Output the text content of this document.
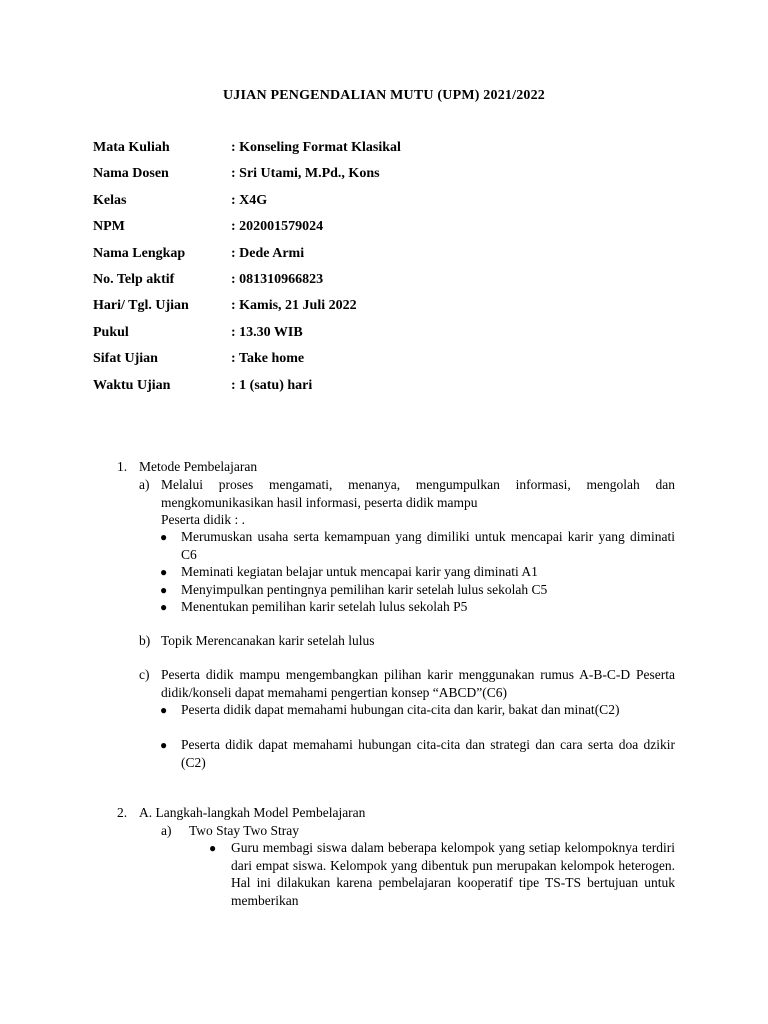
UJIAN PENGENDALIAN MUTU (UPM) 2021/2022
Mata Kuliah	: Konseling Format Klasikal
Nama Dosen	: Sri Utami, M.Pd., Kons
Kelas	: X4G
NPM	: 202001579024
Nama Lengkap	: Dede Armi
No. Telp aktif	: 081310966823
Hari/ Tgl. Ujian	: Kamis, 21 Juli 2022
Pukul	: 13.30 WIB
Sifat Ujian	: Take home
Waktu Ujian	: 1 (satu) hari
1. Metode Pembelajaran
a) Melalui proses mengamati, menanya, mengumpulkan informasi, mengolah dan mengkomunikasikan hasil informasi, peserta didik mampu
Peserta didik : .
● Merumuskan usaha serta kemampuan yang dimiliki untuk mencapai karir yang diminati C6
● Meminati kegiatan belajar untuk mencapai karir yang diminati A1
● Menyimpulkan pentingnya pemilihan karir setelah lulus sekolah C5
● Menentukan pemilihan karir setelah lulus sekolah P5
b) Topik Merencanakan karir setelah lulus
c) Peserta didik mampu mengembangkan pilihan karir menggunakan rumus A-B-C-D Peserta didik/konseli dapat memahami pengertian konsep “ABCD”(C6)
● Peserta didik dapat memahami hubungan cita-cita dan karir, bakat dan minat(C2)
● Peserta didik dapat memahami hubungan cita-cita dan strategi dan cara serta doa dzikir (C2)
2. A. Langkah-langkah Model Pembelajaran
a) Two Stay Two Stray
● Guru membagi siswa dalam beberapa kelompok yang setiap kelompoknya terdiri dari empat siswa. Kelompok yang dibentuk pun merupakan kelompok heterogen. Hal ini dilakukan karena pembelajaran kooperatif tipe TS-TS bertujuan untuk memberikan
